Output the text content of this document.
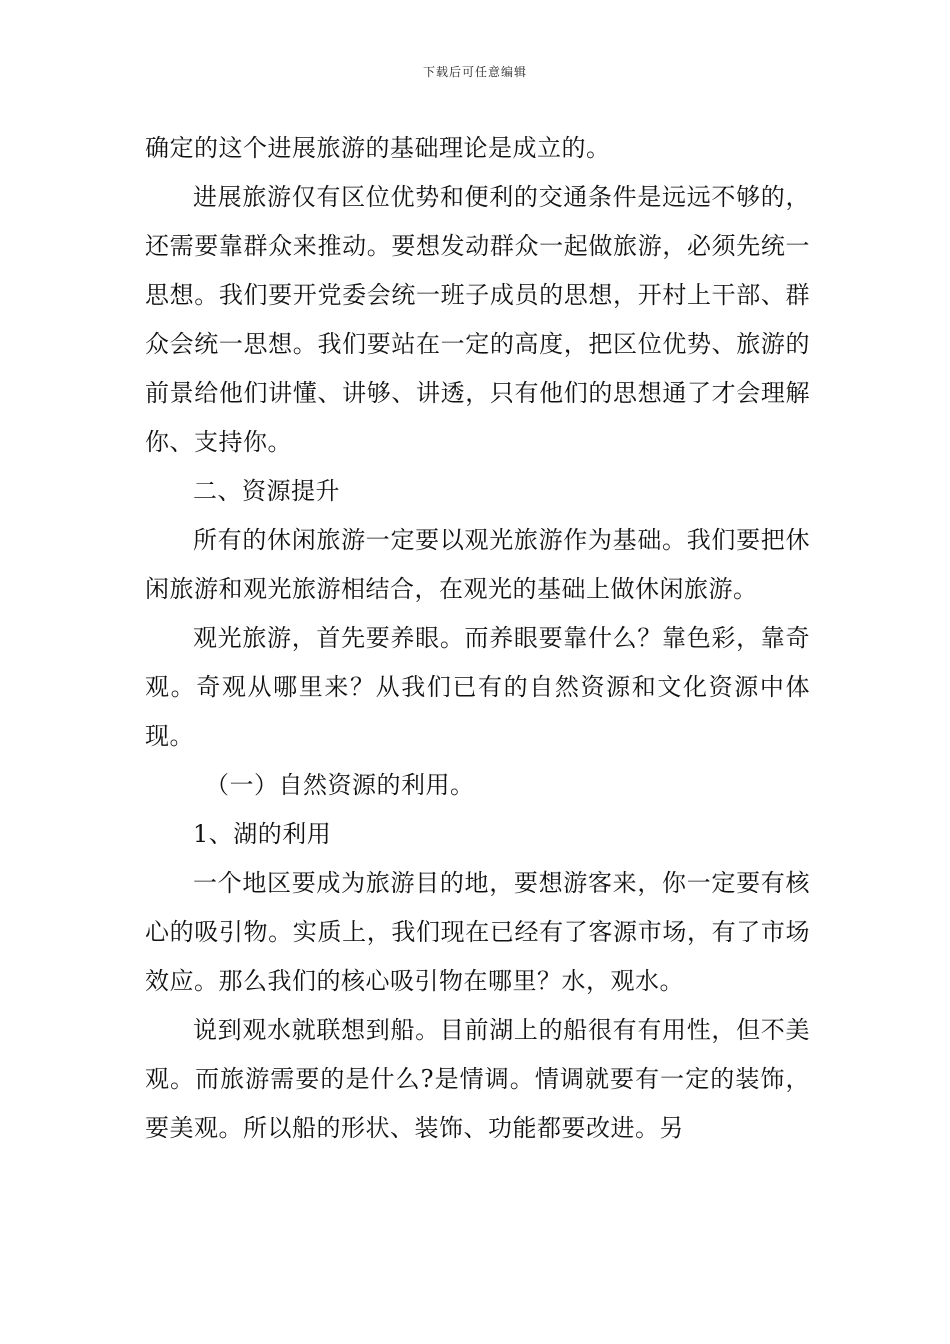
下载后可任意编辑

确定的这个进展旅游的基础理论是成立的。

进展旅游仅有区位优势和便利的交通条件是远远不够的，还需要靠群众来推动。要想发动群众一起做旅游，必须先统一思想。我们要开党委会统一班子成员的思想，开村上干部、群众会统一思想。我们要站在一定的高度，把区位优势、旅游的前景给他们讲懂、讲够、讲透，只有他们的思想通了才会理解你、支持你。

二、资源提升

所有的休闲旅游一定要以观光旅游作为基础。我们要把休闲旅游和观光旅游相结合，在观光的基础上做休闲旅游。

观光旅游，首先要养眼。而养眼要靠什么？靠色彩，靠奇观。奇观从哪里来？从我们已有的自然资源和文化资源中体现。

（一）自然资源的利用。

1、湖的利用

一个地区要成为旅游目的地，要想游客来，你一定要有核心的吸引物。实质上，我们现在已经有了客源市场，有了市场效应。那么我们的核心吸引物在哪里？水，观水。

说到观水就联想到船。目前湖上的船很有有用性，但不美观。而旅游需要的是什么?是情调。情调就要有一定的装饰，要美观。所以船的形状、装饰、功能都要改进。另
